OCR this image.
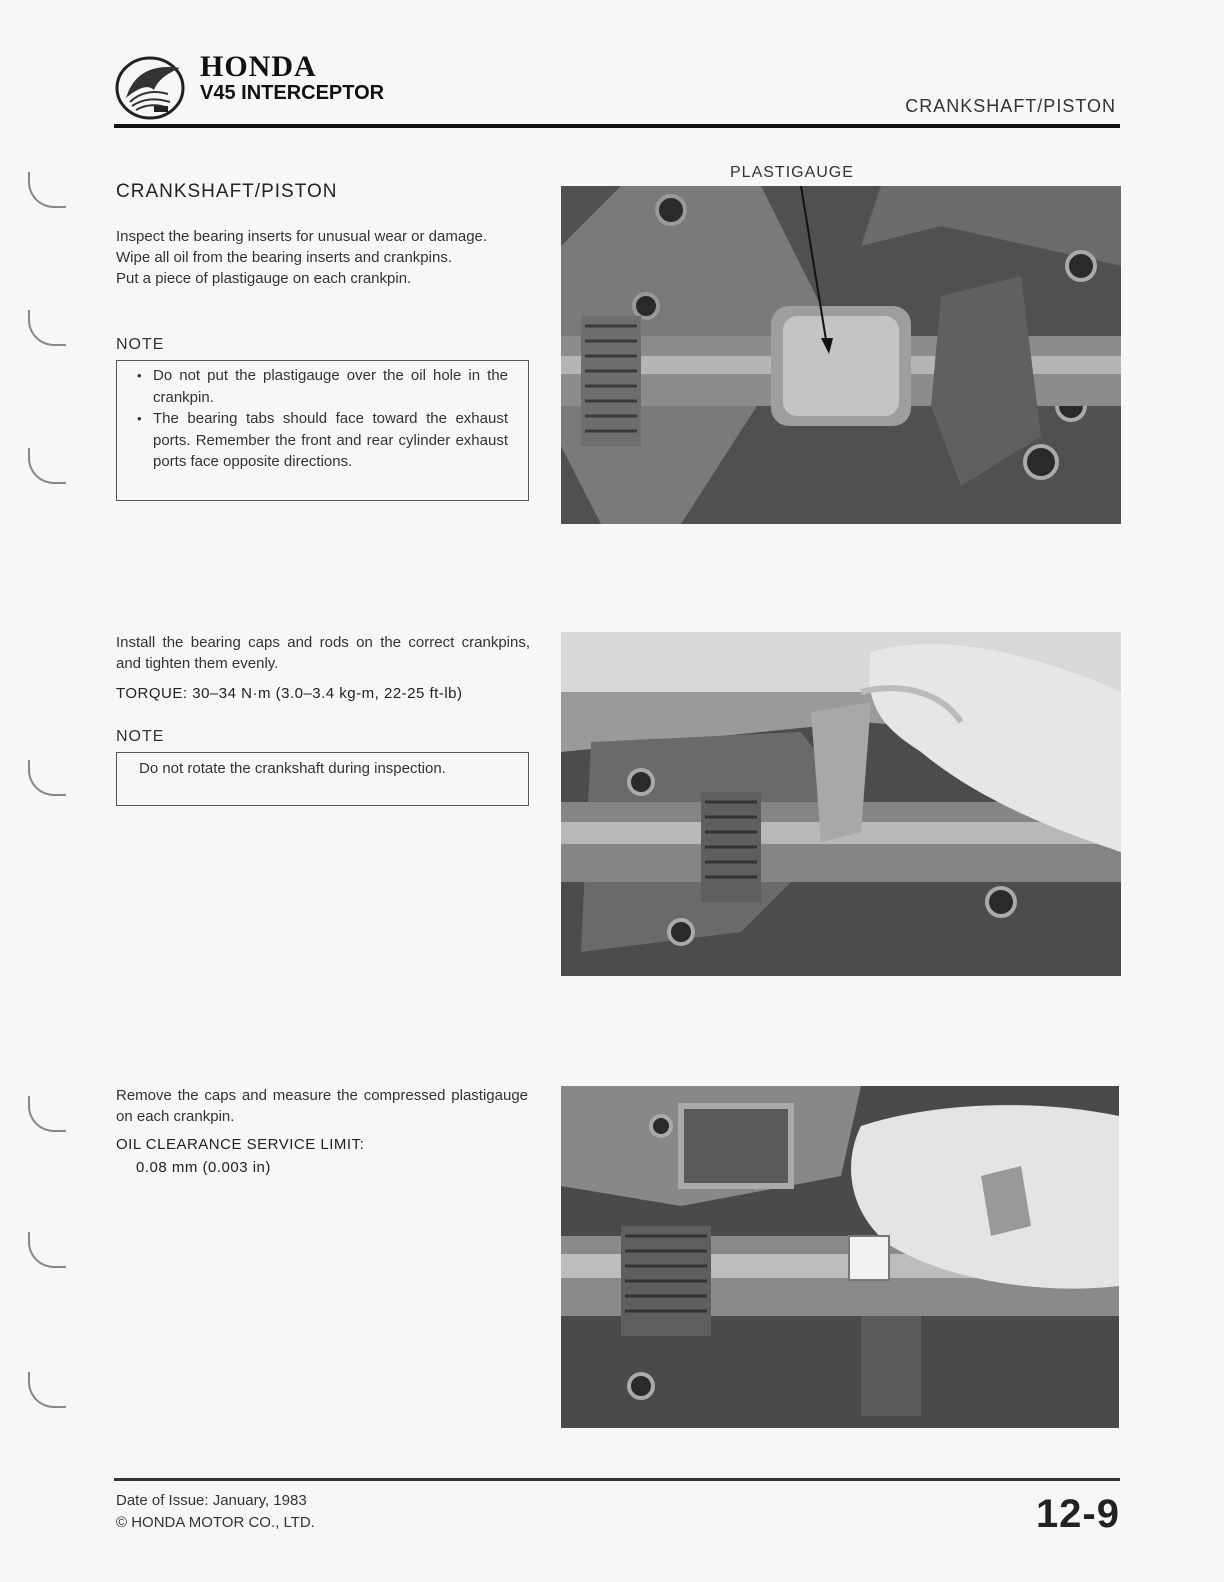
HONDA
V45 INTERCEPTOR
CRANKSHAFT/PISTON
CRANKSHAFT/PISTON
Inspect the bearing inserts for unusual wear or damage.
Wipe all oil from the bearing inserts and crankpins.
Put a piece of plastigauge on each crankpin.
NOTE
• Do not put the plastigauge over the oil hole in the crankpin.
• The bearing tabs should face toward the exhaust ports. Remember the front and rear cylinder exhaust ports face opposite directions.
PLASTIGAUGE
Install the bearing caps and rods on the correct crankpins, and tighten them evenly.
TORQUE: 30–34 N·m (3.0–3.4 kg-m, 22-25 ft-lb)
NOTE
Do not rotate the crankshaft during inspection.
Remove the caps and measure the compressed plastigauge on each crankpin.
OIL CLEARANCE SERVICE LIMIT:
0.08 mm (0.003 in)
Date of Issue: January, 1983
© HONDA MOTOR CO., LTD.	12-9
